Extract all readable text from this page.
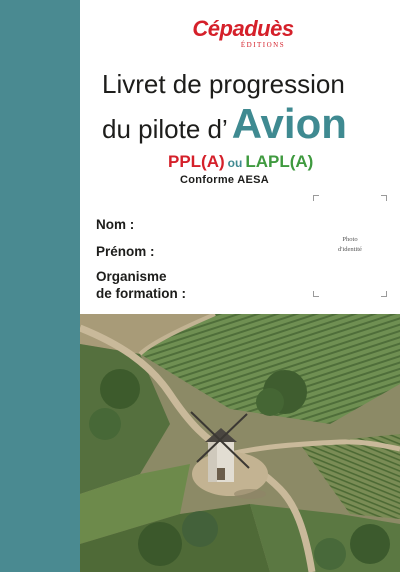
Cépaduès
ÉDITIONS
Livret de progression
du pilote d’Avion
PPL(A) ou LAPL(A)
Conforme AESA
Nom :
Prénom :
Organisme
de formation :
Photo
d'identité
